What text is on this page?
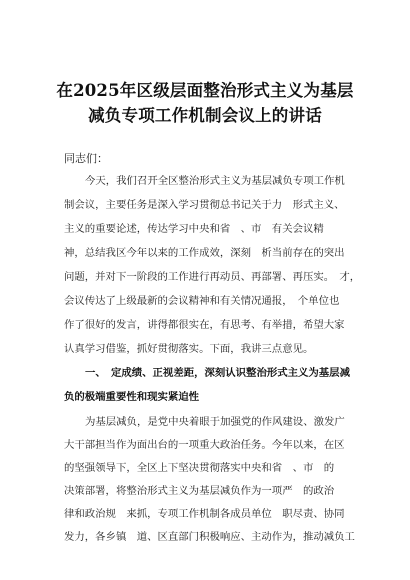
在2025年区级层面整治形式主义为基层
减负专项工作机制会议上的讲话
同志们：
今天，我们召开全区整治形式主义为基层减负专项工作机
制会议，主要任务是深入学习贯彻总书记关于力　形式主义、
主义的重要论述，传达学习中央和省　、市　有关会议精
神，总结我区今年以来的工作成效，深刻　析当前存在的突出
问题，并对下一阶段的工作进行再动员、再部署、再压实。　才，
会议传达了上级最新的会议精神和有关情况通报，　个单位也
作了很好的发言，讲得都很实在，有思考、有举措，希望大家
认真学习借鉴，抓好贯彻落实。下面，我讲三点意见。
一、　定成绩、正视差距，深刻认识整治形式主义为基层减
负的极端重要性和现实紧迫性
为基层减负，是党中央着眼于加强党的作风建设、激发广
大干部担当作为面出台的一项重大政治任务。今年以来，在区
的坚强领导下，全区上下坚决贯彻落实中央和省　、市　的
决策部署，将整治形式主义为基层减负作为一项严　的政治
律和政治规　来抓，专项工作机制各成员单位　职尽责、协同
发力，各乡镇　道、区直部门积极响应、主动作为，推动减负工
